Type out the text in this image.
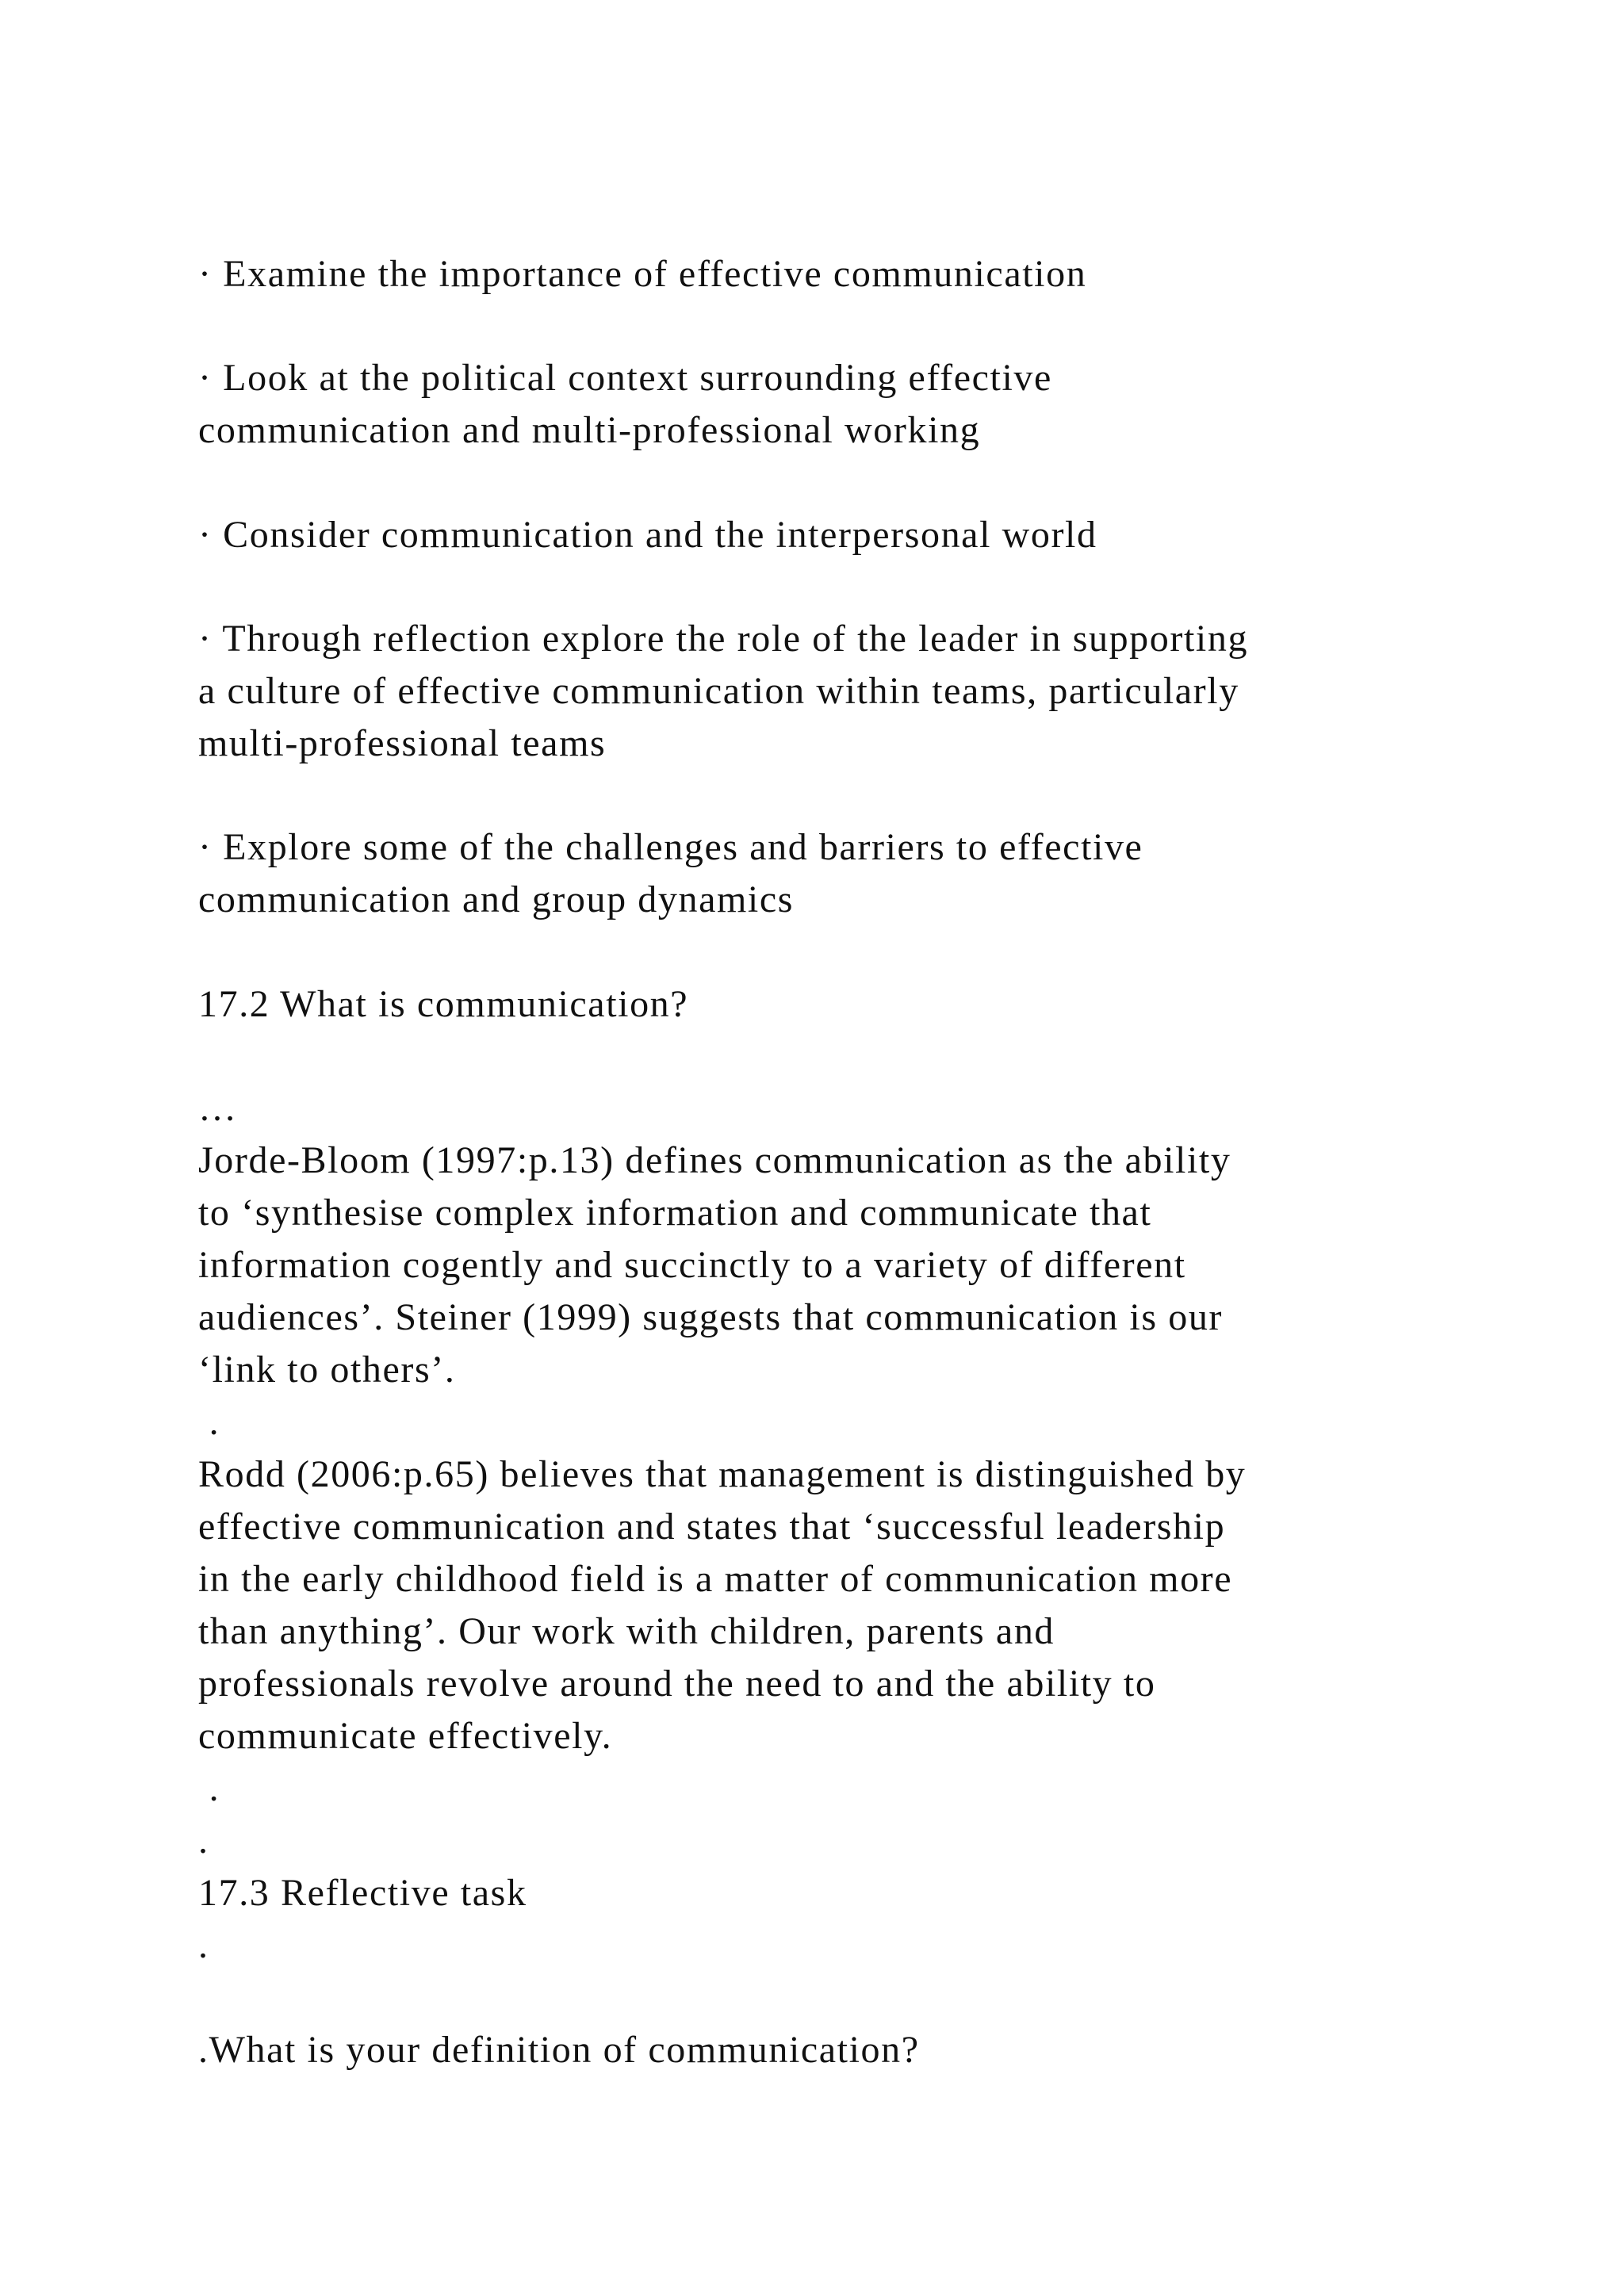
· Examine the importance of effective communication

· Look at the political context surrounding effective

communication and multi-professional working

· Consider communication and the interpersonal world

· Through reflection explore the role of the leader in supporting

a culture of effective communication within teams, particularly

multi-professional teams

· Explore some of the challenges and barriers to effective

communication and group dynamics

17.2 What is communication?

…

Jorde-Bloom (1997:p.13) defines communication as the ability

to ‘synthesise complex information and communicate that

information cogently and succinctly to a variety of different

audiences’. Steiner (1999) suggests that communication is our

‘link to others’.

.

Rodd (2006:p.65) believes that management is distinguished by

effective communication and states that ‘successful leadership

in the early childhood field is a matter of communication more

than anything’. Our work with children, parents and

professionals revolve around the need to and the ability to

communicate effectively.

.

.

17.3 Reflective task

.

.What is your definition of communication?
